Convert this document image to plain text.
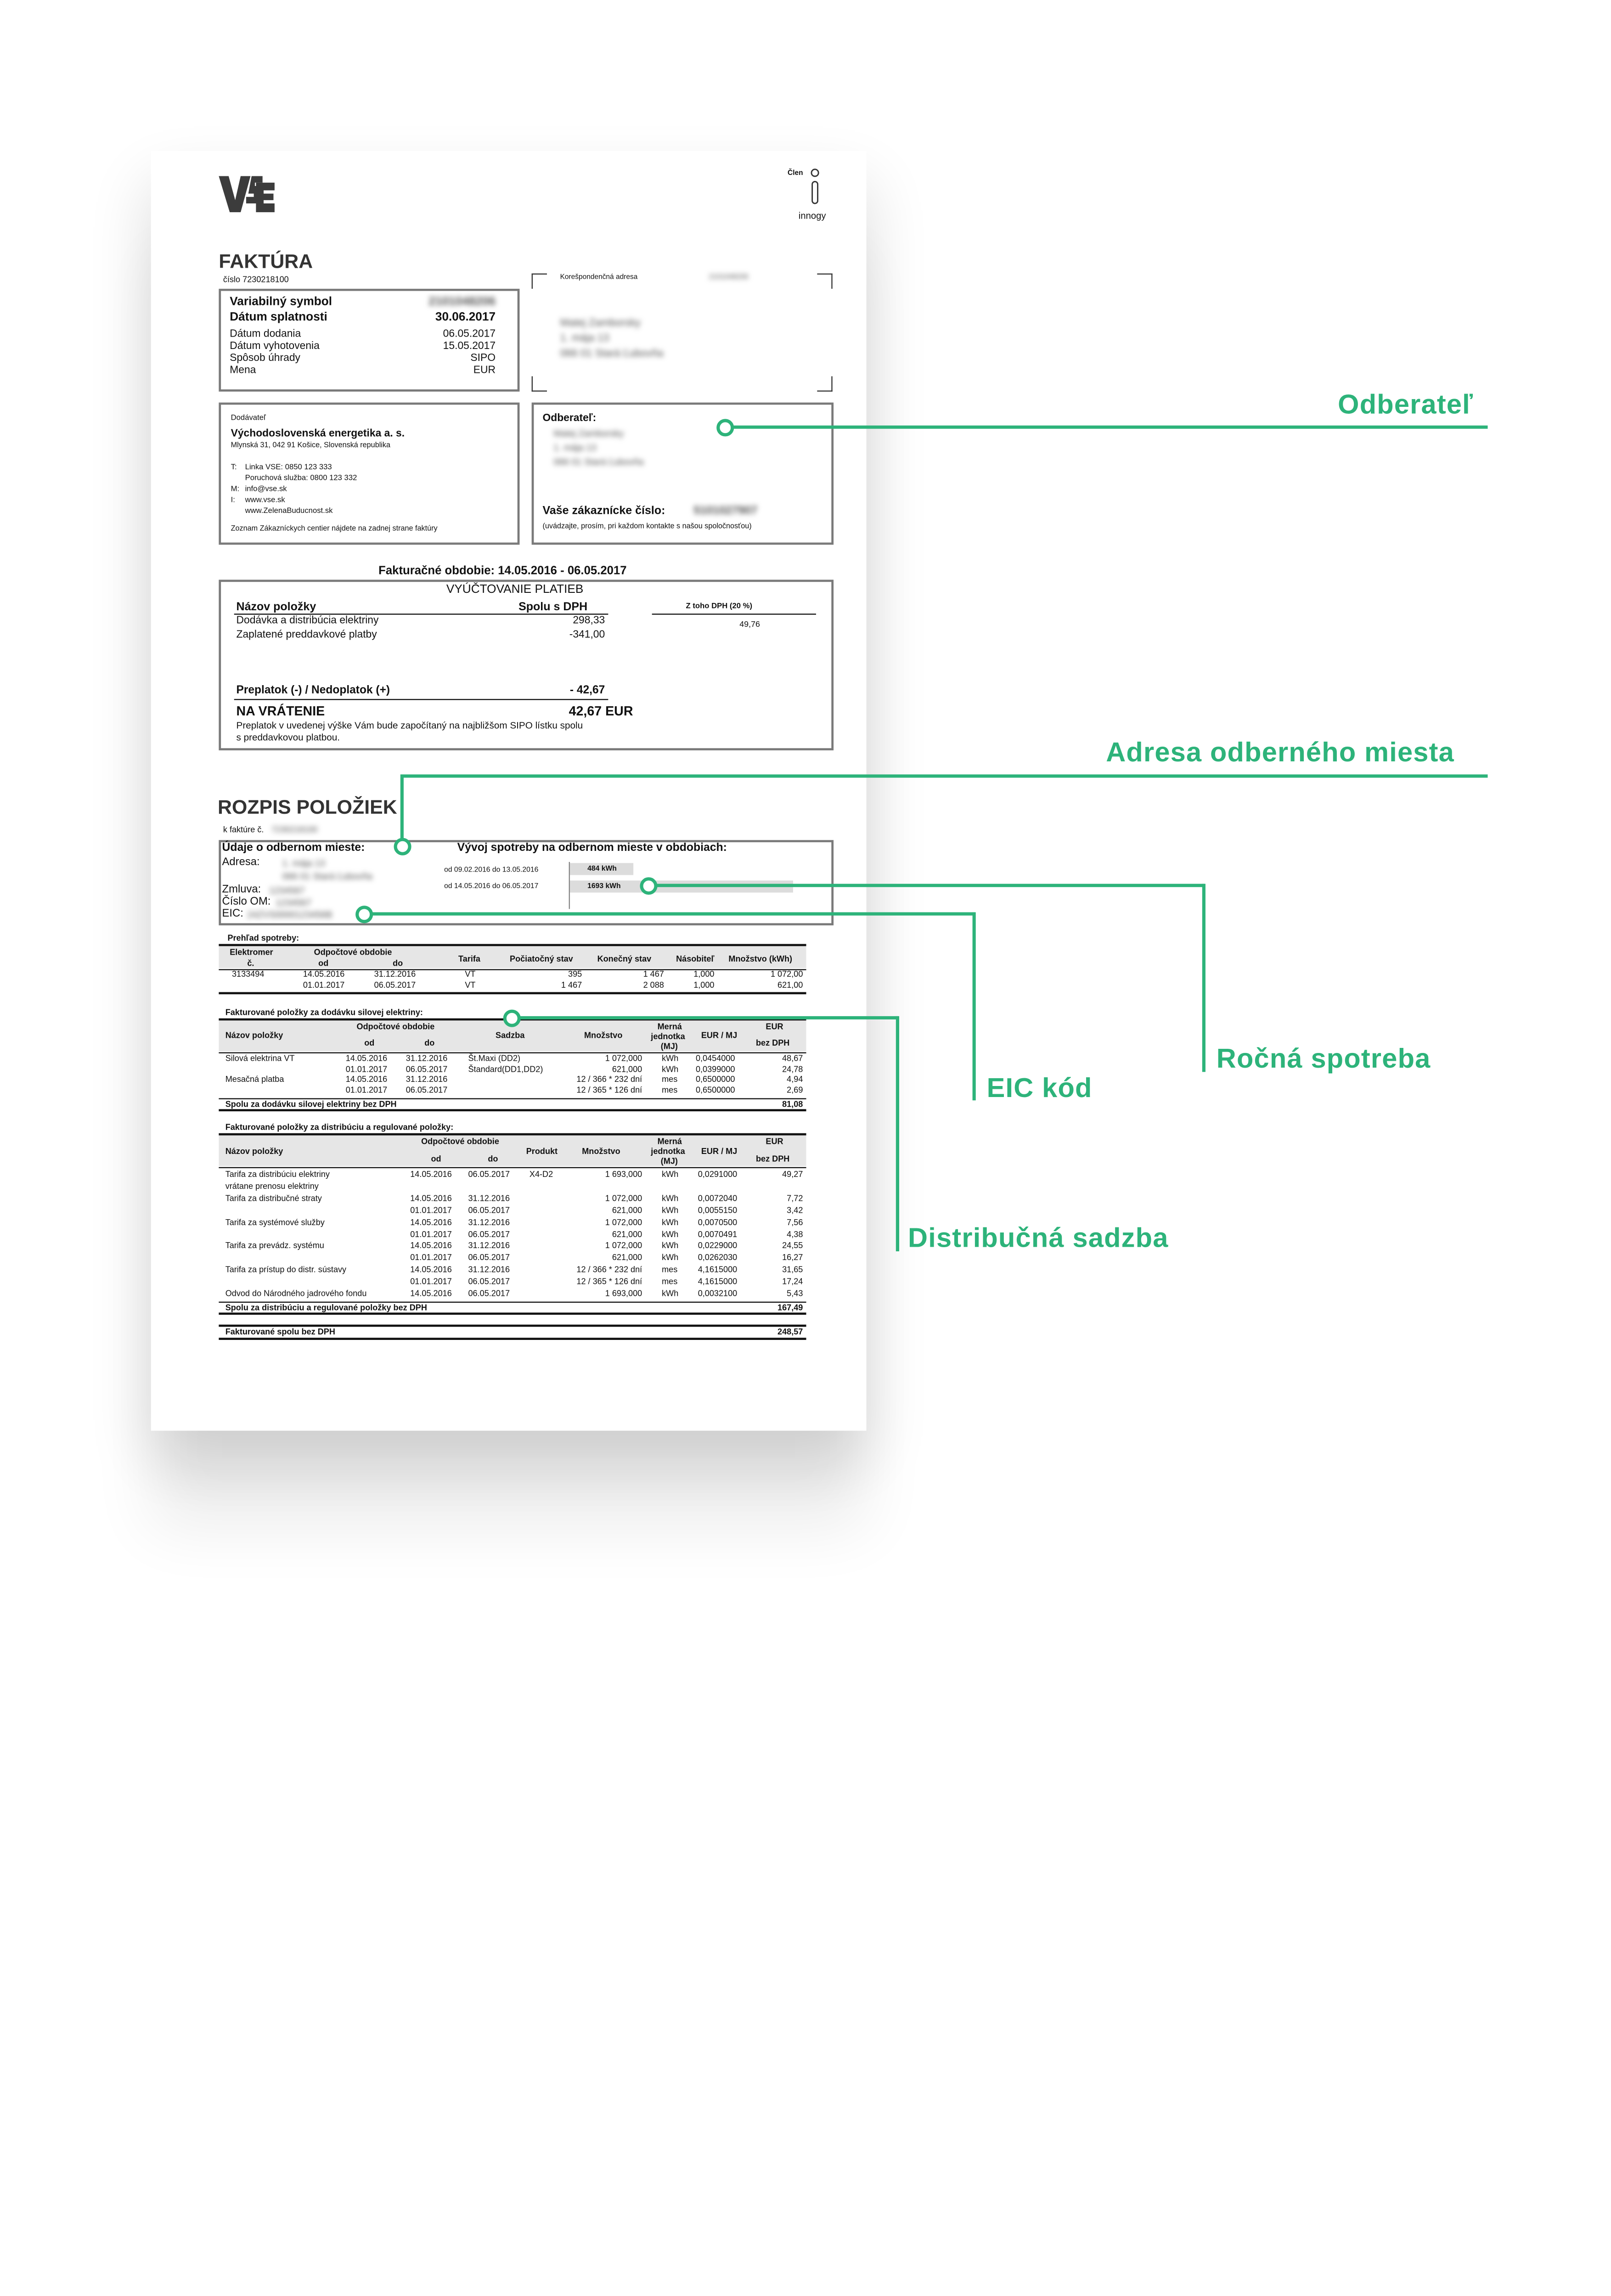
Člen
innogy
FAKTÚRA
číslo 7230218100
Variabilný symbol	2101048206
Dátum splatnosti	30.06.2017
Dátum dodania	06.05.2017
Dátum vyhotovenia	15.05.2017
Spôsob úhrady	SIPO
Mena	EUR
Korešpondenčná adresa	2101048206
Matej Zamborsky
1. mája 13
066 01 Stará Ľubovňa
Dodávateľ
Východoslovenská energetika a. s.
Mlynská 31, 042 91 Košice, Slovenská republika
T:	Linka VSE: 0850 123 333
Poruchová služba: 0800 123 332
M: info@vse.sk
I:	www.vse.sk
www.ZelenaBuducnost.sk
Zoznam Zákazníckych centier nájdete na zadnej strane faktúry
Odberateľ:
Matej Zamborsky
1. mája 13
066 01 Stará Ľubovňa
Vaše zákaznícke číslo:	5101027907
(uvádzajte, prosím, pri každom kontakte s našou spoločnosťou)
Fakturačné obdobie: 14.05.2016 - 06.05.2017
VYÚČTOVANIE PLATIEB
Názov položky	Spolu s DPH	Z toho DPH (20 %)
Dodávka a distribúcia elektriny	298,33	49,76
Zaplatené preddavkové platby	-341,00
Preplatok (-) / Nedoplatok (+)	- 42,67
NA VRÁTENIE	42,67 EUR
Preplatok v uvedenej výške Vám bude započítaný na najbližšom SIPO lístku spolu
s preddavkovou platbou.
ROZPIS POLOŽIEK
k faktúre č. 7230218100
Údaje o odbernom mieste:
Adresa:	1. mája 13
066 01 Stará Ľubovňa
Zmluva: 1234567
Číslo OM: 1234567
EIC: 24ZVS0000123456B
Vývoj spotreby na odbernom mieste v obdobiach:
od 09.02.2016 do 13.05.2016
od 14.05.2016 do 06.05.2017
484 kWh
1693 kWh
Prehľad spotreby:
Elektromer
č.
Odpočtové obdobie
od	do	Tarifa	Počiatočný stav	Konečný stav	Násobiteľ	Množstvo (kWh)
3133494	14.05.2016	31.12.2016	VT	395	1 467	1,000	1 072,00
01.01.2017	06.05.2017	VT	1 467	2 088	1,000	621,00
Fakturované položky za dodávku silovej elektriny:
Názov položky
Odpočtové obdobie
od	do
Sadzba	Množstvo
Merná
jednotka
(MJ)
EUR / MJ
EUR
bez DPH
Silová elektrina VT	14.05.2016	31.12.2016	Št.Maxi (DD2)	1 072,000	kWh	0,0454000	48,67
01.01.2017	06.05.2017	Štandard(DD1,DD2)	621,000	kWh	0,0399000	24,78
Mesačná platba	14.05.2016	31.12.2016	12 / 366 * 232 dní	mes	0,6500000	4,94
01.01.2017	06.05.2017	12 / 365 * 126 dní	mes	0,6500000	2,69
Spolu za dodávku silovej elektriny bez DPH	81,08
Fakturované položky za distribúciu a regulované položky:
Názov položky
Odpočtové obdobie
od	do
Produkt	Množstvo
Merná
jednotka
(MJ)
EUR / MJ
EUR
bez DPH
Tarifa za distribúciu elektriny	14.05.2016	06.05.2017	X4-D2	1 693,000	kWh	0,0291000	49,27
vrátane prenosu elektriny
Tarifa za distribučné straty	14.05.2016	31.12.2016	1 072,000	kWh	0,0072040	7,72
01.01.2017	06.05.2017	621,000	kWh	0,0055150	3,42
Tarifa za systémové služby	14.05.2016	31.12.2016	1 072,000	kWh	0,0070500	7,56
01.01.2017	06.05.2017	621,000	kWh	0,0070491	4,38
Tarifa za prevádz. systému	14.05.2016	31.12.2016	1 072,000	kWh	0,0229000	24,55
01.01.2017	06.05.2017	621,000	kWh	0,0262030	16,27
Tarifa za prístup do distr. sústavy	14.05.2016	31.12.2016	12 / 366 * 232 dní	mes	4,1615000	31,65
01.01.2017	06.05.2017	12 / 365 * 126 dní	mes	4,1615000	17,24
Odvod do Národného jadrového fondu	14.05.2016	06.05.2017	1 693,000	kWh	0,0032100	5,43
Spolu za distribúciu a regulované položky bez DPH	167,49
Fakturované spolu bez DPH	248,57
Odberateľ
Adresa odberného miesta
Ročná spotreba
EIC kód
Distribučná sadzba
